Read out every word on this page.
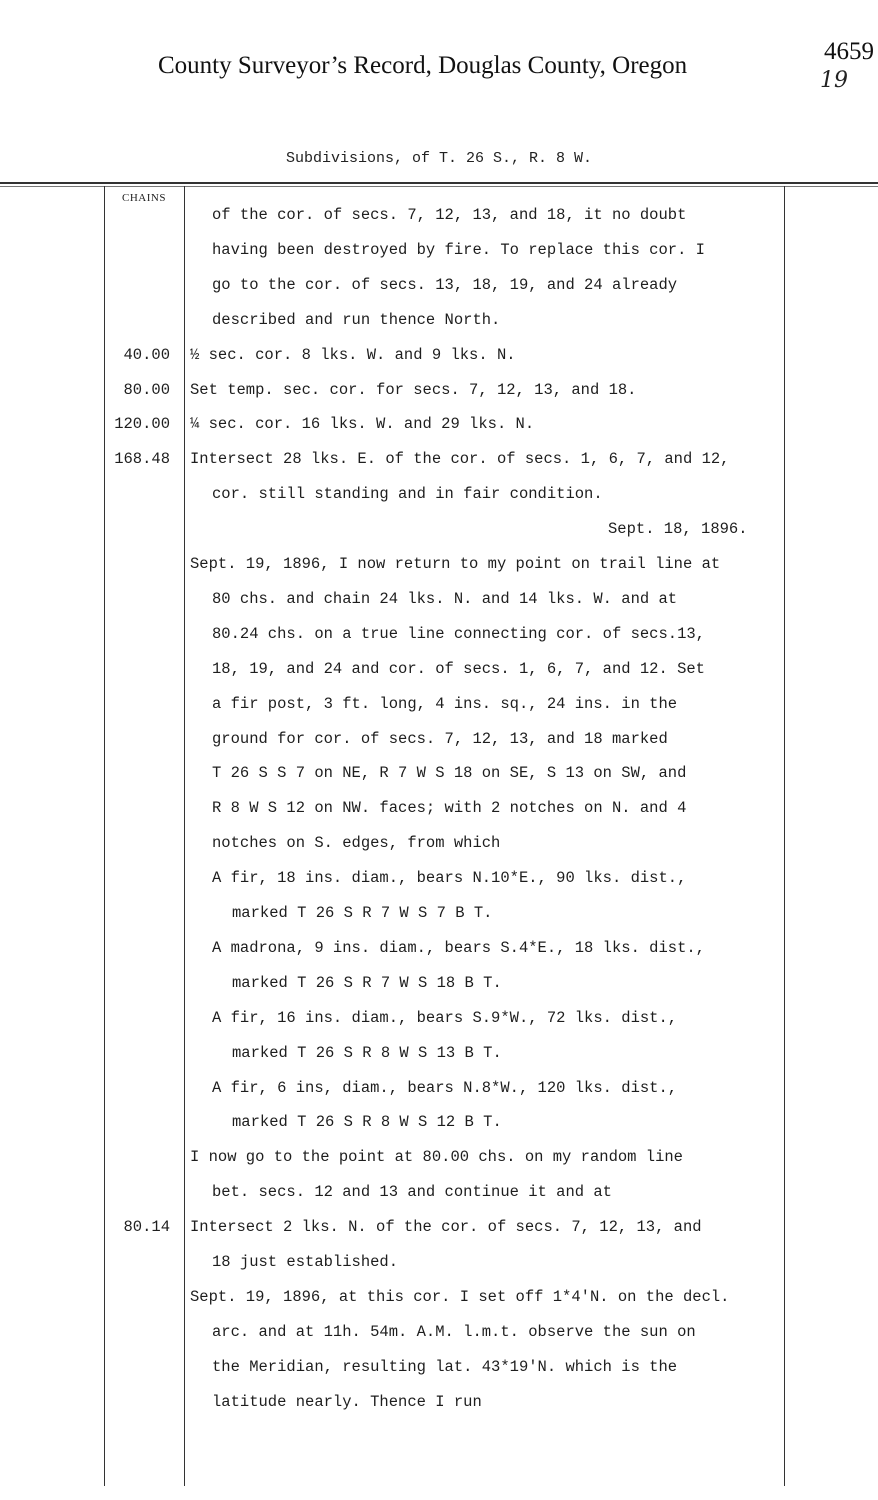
County Surveyor’s Record, Douglas County, Oregon
4659
19
Subdivisions, of T. 26 S., R. 8 W.
CHAINS
of the cor. of secs. 7, 12, 13, and 18, it no doubt
having been destroyed by fire. To replace this cor. I
go to the cor. of secs. 13, 18, 19, and 24 already
described and run thence North.
40.00 ½ sec. cor. 8 lks. W. and 9 lks. N.
80.00 Set temp. sec. cor. for secs. 7, 12, 13, and 18.
120.00 ¼ sec. cor. 16 lks. W. and 29 lks. N.
168.48 Intersect 28 lks. E. of the cor. of secs. 1, 6, 7, and 12,
cor. still standing and in fair condition.
Sept. 18, 1896.
Sept. 19, 1896, I now return to my point on trail line at
80 chs. and chain 24 lks. N. and 14 lks. W. and at
80.24 chs. on a true line connecting cor. of secs.13,
18, 19, and 24 and cor. of secs. 1, 6, 7, and 12. Set
a fir post, 3 ft. long, 4 ins. sq., 24 ins. in the
ground for cor. of secs. 7, 12, 13, and 18 marked
T 26 S S 7 on NE, R 7 W S 18 on SE, S 13 on SW, and
R 8 W S 12 on NW. faces; with 2 notches on N. and 4
notches on S. edges, from which
A fir, 18 ins. diam., bears N.10*E., 90 lks. dist.,
marked T 26 S R 7 W S 7 B T.
A madrona, 9 ins. diam., bears S.4*E., 18 lks. dist.,
marked T 26 S R 7 W S 18 B T.
A fir, 16 ins. diam., bears S.9*W., 72 lks. dist.,
marked T 26 S R 8 W S 13 B T.
A fir, 6 ins, diam., bears N.8*W., 120 lks. dist.,
marked T 26 S R 8 W S 12 B T.
I now go to the point at 80.00 chs. on my random line
bet. secs. 12 and 13 and continue it and at
80.14 Intersect 2 lks. N. of the cor. of secs. 7, 12, 13, and
18 just established.
Sept. 19, 1896, at this cor. I set off 1*4'N. on the decl.
arc. and at 11h. 54m. A.M. l.m.t. observe the sun on
the Meridian, resulting lat. 43*19'N. which is the
latitude nearly. Thence I run
